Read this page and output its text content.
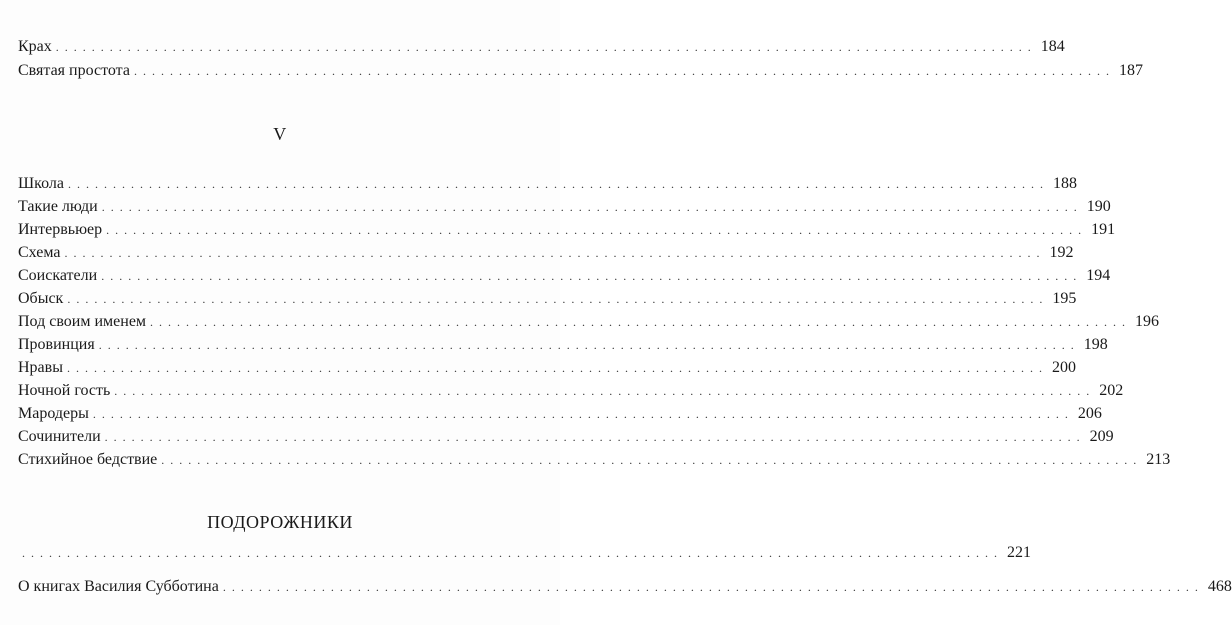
Крах ............................................................................................................. 184
Святая простота ............................................................................................................. 187
V
Школа ............................................................................................................. 188
Такие люди ............................................................................................................. 190
Интервьюер ............................................................................................................. 191
Схема ............................................................................................................. 192
Соискатели ............................................................................................................. 194
Обыск ............................................................................................................. 195
Под своим именем ............................................................................................................. 196
Провинция ............................................................................................................. 198
Нравы ............................................................................................................. 200
Ночной гость ............................................................................................................. 202
Мародеры ............................................................................................................. 206
Сочинители ............................................................................................................. 209
Стихийное бедствие ............................................................................................................. 213
ПОДОРОЖНИКИ
............................................................................................................. 221
О книгах Василия Субботина ............................................................................................................. 468
